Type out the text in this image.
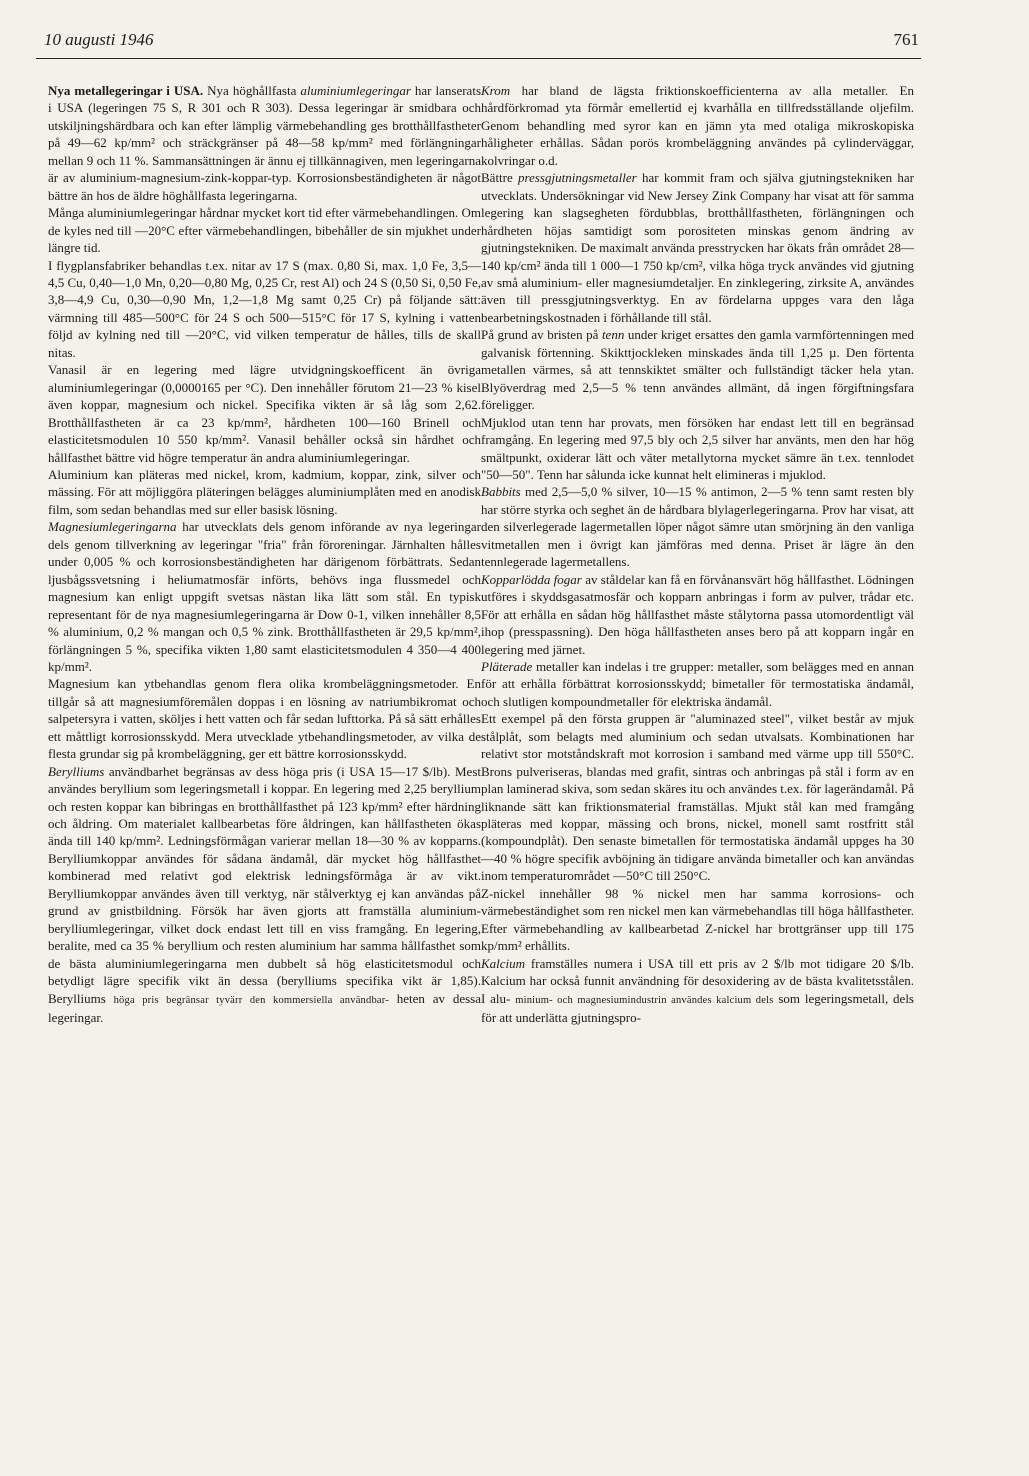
10 augusti 1946	761

Nya metallegeringar i USA. Nya höghållfasta aluminiumlegeringar har lanserats i USA (legeringen 75 S, R 301 och R 303). Dessa legeringar är smidbara och utskiljningshärdbara och kan efter lämplig värmebehandling ges brotthållfastheter på 49—62 kp/mm² och sträckgränser på 48—58 kp/mm² med förlängningar mellan 9 och 11 %. Sammansättningen är ännu ej tillkännagiven, men legeringarna är av aluminium-magnesium-zink-koppar-typ. Korrosionsbeständigheten är något bättre än hos de äldre höghållfasta legeringarna.

Många aluminiumlegeringar hårdnar mycket kort tid efter värmebehandlingen. Om de kyles ned till —20°C efter värmebehandlingen, bibehåller de sin mjukhet under längre tid.

I flygplansfabriker behandlas t.ex. nitar av 17 S (max. 0,80 Si, max. 1,0 Fe, 3,5—4,5 Cu, 0,40—1,0 Mn, 0,20—0,80 Mg, 0,25 Cr, rest Al) och 24 S (0,50 Si, 0,50 Fe, 3,8—4,9 Cu, 0,30—0,90 Mn, 1,2—1,8 Mg samt 0,25 Cr) på följande sätt: värmning till 485—500°C för 24 S och 500—515°C för 17 S, kylning i vatten följd av kylning ned till —20°C, vid vilken temperatur de hålles, tills de skall nitas.

Vanasil är en legering med lägre utvidgningskoefficent än övriga aluminiumlegeringar (0,0000165 per °C). Den innehåller förutom 21—23 % kisel även koppar, magnesium och nickel. Specifika vikten är så låg som 2,62. Brotthållfastheten är ca 23 kp/mm², hårdheten 100—160 Brinell och elasticitetsmodulen 10 550 kp/mm². Vanasil behåller också sin hårdhet och hållfasthet bättre vid högre temperatur än andra aluminiumlegeringar.

Aluminium kan pläteras med nickel, krom, kadmium, koppar, zink, silver och mässing. För att möjliggöra pläteringen belägges aluminiumplåten med en anodisk film, som sedan behandlas med sur eller basisk lösning.

Magnesiumlegeringarna har utvecklats dels genom införande av nya legeringar dels genom tillverkning av legeringar "fria" från föroreningar. Järnhalten hålles under 0,005 % och korrosionsbeständigheten har därigenom förbättrats. Sedan ljusbågssvetsning i heliumatmosfär införts, behövs inga flussmedel och magnesium kan enligt uppgift svetsas nästan lika lätt som stål. En typisk representant för de nya magnesiumlegeringarna är Dow 0-1, vilken innehåller 8,5 % aluminium, 0,2 % mangan och 0,5 % zink. Brotthållfastheten är 29,5 kp/mm², förlängningen 5 %, specifika vikten 1,80 samt elasticitetsmodulen 4 350—4 400 kp/mm².

Magnesium kan ytbehandlas genom flera olika krombeläggningsmetoder. En tillgår så att magnesiumföremålen doppas i en lösning av natriumbikromat och salpetersyra i vatten, sköljes i hett vatten och får sedan lufttorka. På så sätt erhålles ett måttligt korrosionsskydd. Mera utvecklade ytbehandlingsmetoder, av vilka de flesta grundar sig på krombeläggning, ger ett bättre korrosionsskydd.

Berylliums användbarhet begränsas av dess höga pris (i USA 15—17 $/lb). Mest användes beryllium som legeringsmetall i koppar. En legering med 2,25 beryllium och resten koppar kan bibringas en brotthållfasthet på 123 kp/mm² efter härdning och åldring. Om materialet kallbearbetas före åldringen, kan hållfastheten ökas ända till 140 kp/mm². Ledningsförmågan varierar mellan 18—30 % av kopparns. Berylliumkoppar användes för sådana ändamål, där mycket hög hållfasthet kombinerad med relativt god elektrisk ledningsförmåga är av vikt. Berylliumkoppar användes även till verktyg, när stålverktyg ej kan användas på grund av gnistbildning. Försök har även gjorts att framställa aluminium-berylliumlegeringar, vilket dock endast lett till en viss framgång. En legering, beralite, med ca 35 % beryllium och resten aluminium har samma hållfasthet som de bästa aluminiumlegeringarna men dubbelt så hög elasticitetsmodul och betydligt lägre specifik vikt än dessa (berylliums specifika vikt är 1,85). Berylliums höga pris begränsar tyvärr den kommersiella användbar- heten av dessa legeringar.

Krom har bland de lägsta friktionskoefficienterna av alla metaller. En hårdförkromad yta förmår emellertid ej kvarhålla en tillfredsställande oljefilm. Genom behandling med syror kan en jämn yta med otaliga mikroskopiska håligheter erhållas. Sådan porös krombeläggning användes på cylinderväggar, kolvringar o.d.

Bättre pressgjutningsmetaller har kommit fram och själva gjutningstekniken har utvecklats. Undersökningar vid New Jersey Zink Company har visat att för samma legering kan slagsegheten fördubblas, brotthållfastheten, förlängningen och hårdheten höjas samtidigt som porositeten minskas genom ändring av gjutningstekniken. De maximalt använda presstrycken har ökats från området 28—140 kp/cm² ända till 1 000—1 750 kp/cm², vilka höga tryck användes vid gjutning av små aluminium- eller magnesiumdetaljer. En zinklegering, zirksite A, användes även till pressgjutningsverktyg. En av fördelarna uppges vara den låga bearbetningskostnaden i förhållande till stål.

På grund av bristen på tenn under kriget ersattes den gamla varmförtenningen med galvanisk förtenning. Skikttjockleken minskades ända till 1,25 µ. Den förtenta metallen värmes, så att tennskiktet smälter och fullständigt täcker hela ytan. Blyöverdrag med 2,5—5 % tenn användes allmänt, då ingen förgiftningsfara föreligger.

Mjuklod utan tenn har provats, men försöken har endast lett till en begränsad framgång. En legering med 97,5 bly och 2,5 silver har använts, men den har hög smältpunkt, oxiderar lätt och väter metallytorna mycket sämre än t.ex. tennlodet "50—50". Tenn har sålunda icke kunnat helt elimineras i mjuklod.

Babbits med 2,5—5,0 % silver, 10—15 % antimon, 2—5 % tenn samt resten bly har större styrka och seghet än de hårdbara blylagerlegeringarna. Prov har visat, att den silverlegerade lagermetallen löper något sämre utan smörjning än den vanliga vitmetallen men i övrigt kan jämföras med denna. Priset är lägre än den tennlegerade lagermetallens.

Kopparlödda fogar av ståldelar kan få en förvånansvärt hög hållfasthet. Lödningen utföres i skyddsgasatmosfär och kopparn anbringas i form av pulver, trådar etc. För att erhålla en sådan hög hållfasthet måste stålytorna passa utomordentligt väl ihop (presspassning). Den höga hållfastheten anses bero på att kopparn ingår en legering med järnet.

Pläterade metaller kan indelas i tre grupper: metaller, som belägges med en annan för att erhålla förbättrat korrosionsskydd; bimetaller för termostatiska ändamål, och slutligen kompoundmetaller för elektriska ändamål.

Ett exempel på den första gruppen är "aluminazed steel", vilket består av mjuk stålplåt, som belagts med aluminium och sedan utvalsats. Kombinationen har relativt stor motståndskraft mot korrosion i samband med värme upp till 550°C. Brons pulveriseras, blandas med grafit, sintras och anbringas på stål i form av en plan laminerad skiva, som sedan skäres itu och användes t.ex. för lagerändamål. På liknande sätt kan friktionsmaterial framställas. Mjukt stål kan med framgång pläteras med koppar, mässing och brons, nickel, monell samt rostfritt stål (kompoundplåt). Den senaste bimetallen för termostatiska ändamål uppges ha 30—40 % högre specifik avböjning än tidigare använda bimetaller och kan användas inom temperaturområdet —50°C till 250°C.

Z-nickel innehåller 98 % nickel men har samma korrosions- och värmebeständighet som ren nickel men kan värmebehandlas till höga hållfastheter. Efter värmebehandling av kallbearbetad Z-nickel har brottgränser upp till 175 kp/mm² erhållits.

Kalcium framställes numera i USA till ett pris av 2 $/lb mot tidigare 20 $/lb. Kalcium har också funnit användning för desoxidering av de bästa kvalitetsstålen. I alu- minium- och magnesiumindustrin användes kalcium dels som legeringsmetall, dels för att underlätta gjutningspro-
